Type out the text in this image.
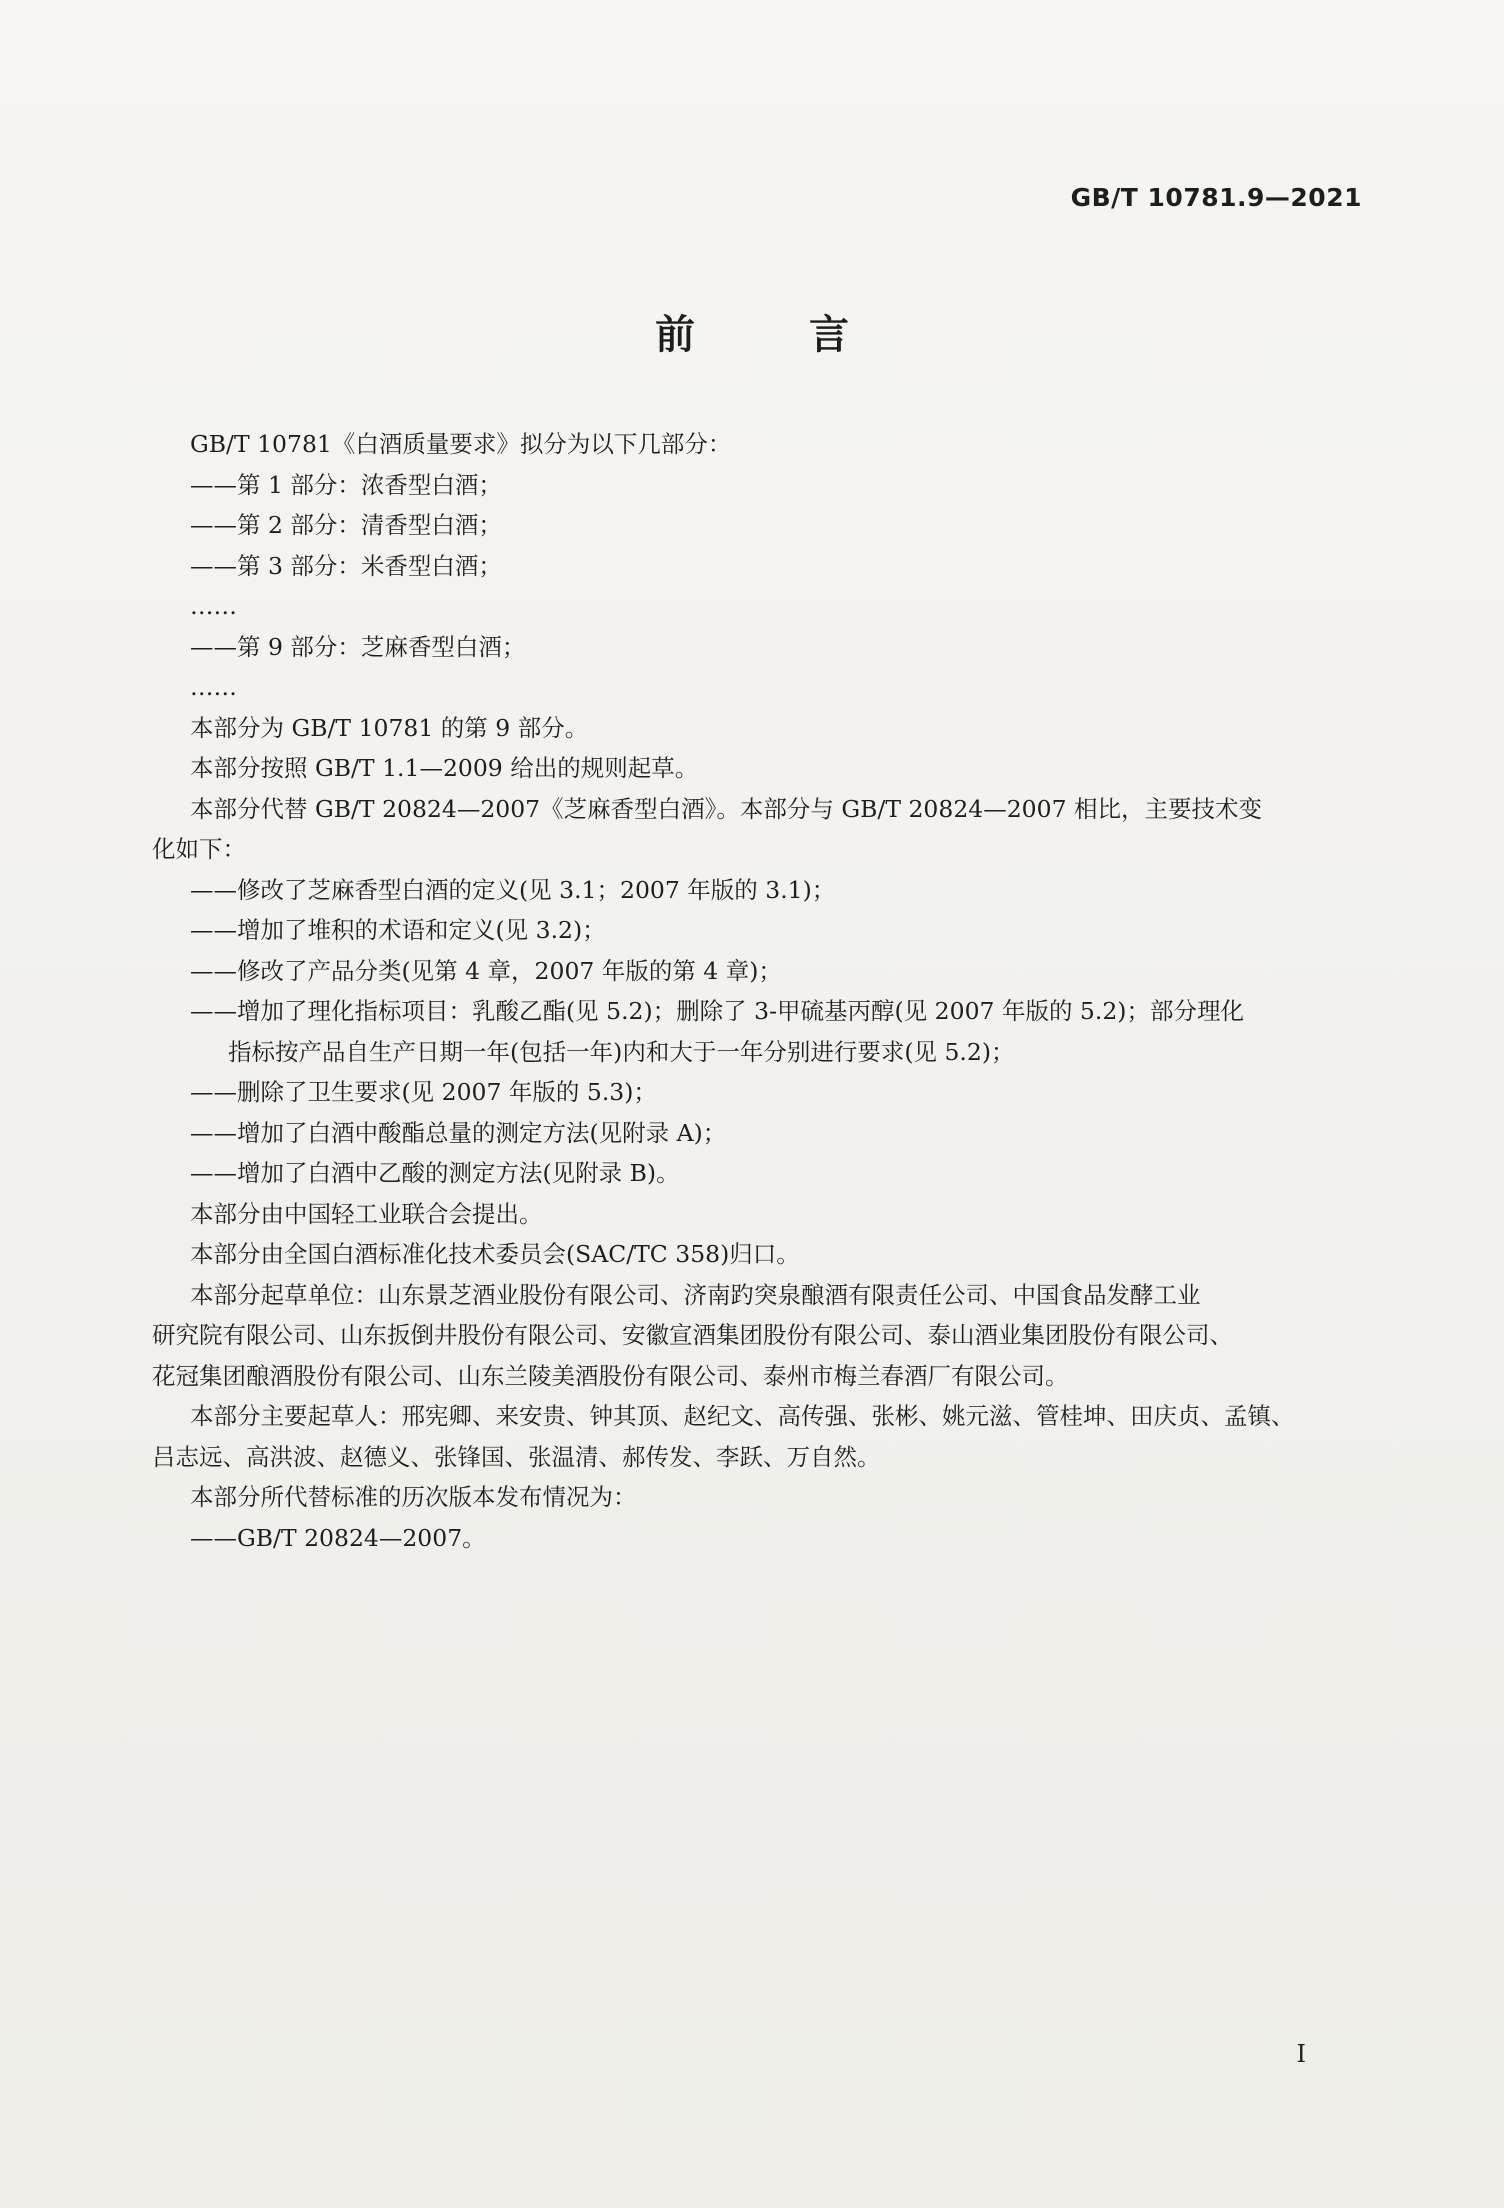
GB/T 10781.9—2021
前 言
GB/T 10781《白酒质量要求》拟分为以下几部分：
——第 1 部分：浓香型白酒；
——第 2 部分：清香型白酒；
——第 3 部分：米香型白酒；
……
——第 9 部分：芝麻香型白酒；
……
本部分为 GB/T 10781 的第 9 部分。
本部分按照 GB/T 1.1—2009 给出的规则起草。
本部分代替 GB/T 20824—2007《芝麻香型白酒》。本部分与 GB/T 20824—2007 相比，主要技术变
化如下：
——修改了芝麻香型白酒的定义(见 3.1；2007 年版的 3.1)；
——增加了堆积的术语和定义(见 3.2)；
——修改了产品分类(见第 4 章，2007 年版的第 4 章)；
——增加了理化指标项目：乳酸乙酯(见 5.2)；删除了 3-甲硫基丙醇(见 2007 年版的 5.2)；部分理化
指标按产品自生产日期一年(包括一年)内和大于一年分别进行要求(见 5.2)；
——删除了卫生要求(见 2007 年版的 5.3)；
——增加了白酒中酸酯总量的测定方法(见附录 A)；
——增加了白酒中乙酸的测定方法(见附录 B)。
本部分由中国轻工业联合会提出。
本部分由全国白酒标准化技术委员会(SAC/TC 358)归口。
本部分起草单位：山东景芝酒业股份有限公司、济南趵突泉酿酒有限责任公司、中国食品发酵工业
研究院有限公司、山东扳倒井股份有限公司、安徽宣酒集团股份有限公司、泰山酒业集团股份有限公司、
花冠集团酿酒股份有限公司、山东兰陵美酒股份有限公司、泰州市梅兰春酒厂有限公司。
本部分主要起草人：邢宪卿、来安贵、钟其顶、赵纪文、高传强、张彬、姚元滋、管桂坤、田庆贞、孟镇、
吕志远、高洪波、赵德义、张锋国、张温清、郝传发、李跃、万自然。
本部分所代替标准的历次版本发布情况为：
——GB/T 20824—2007。
I
